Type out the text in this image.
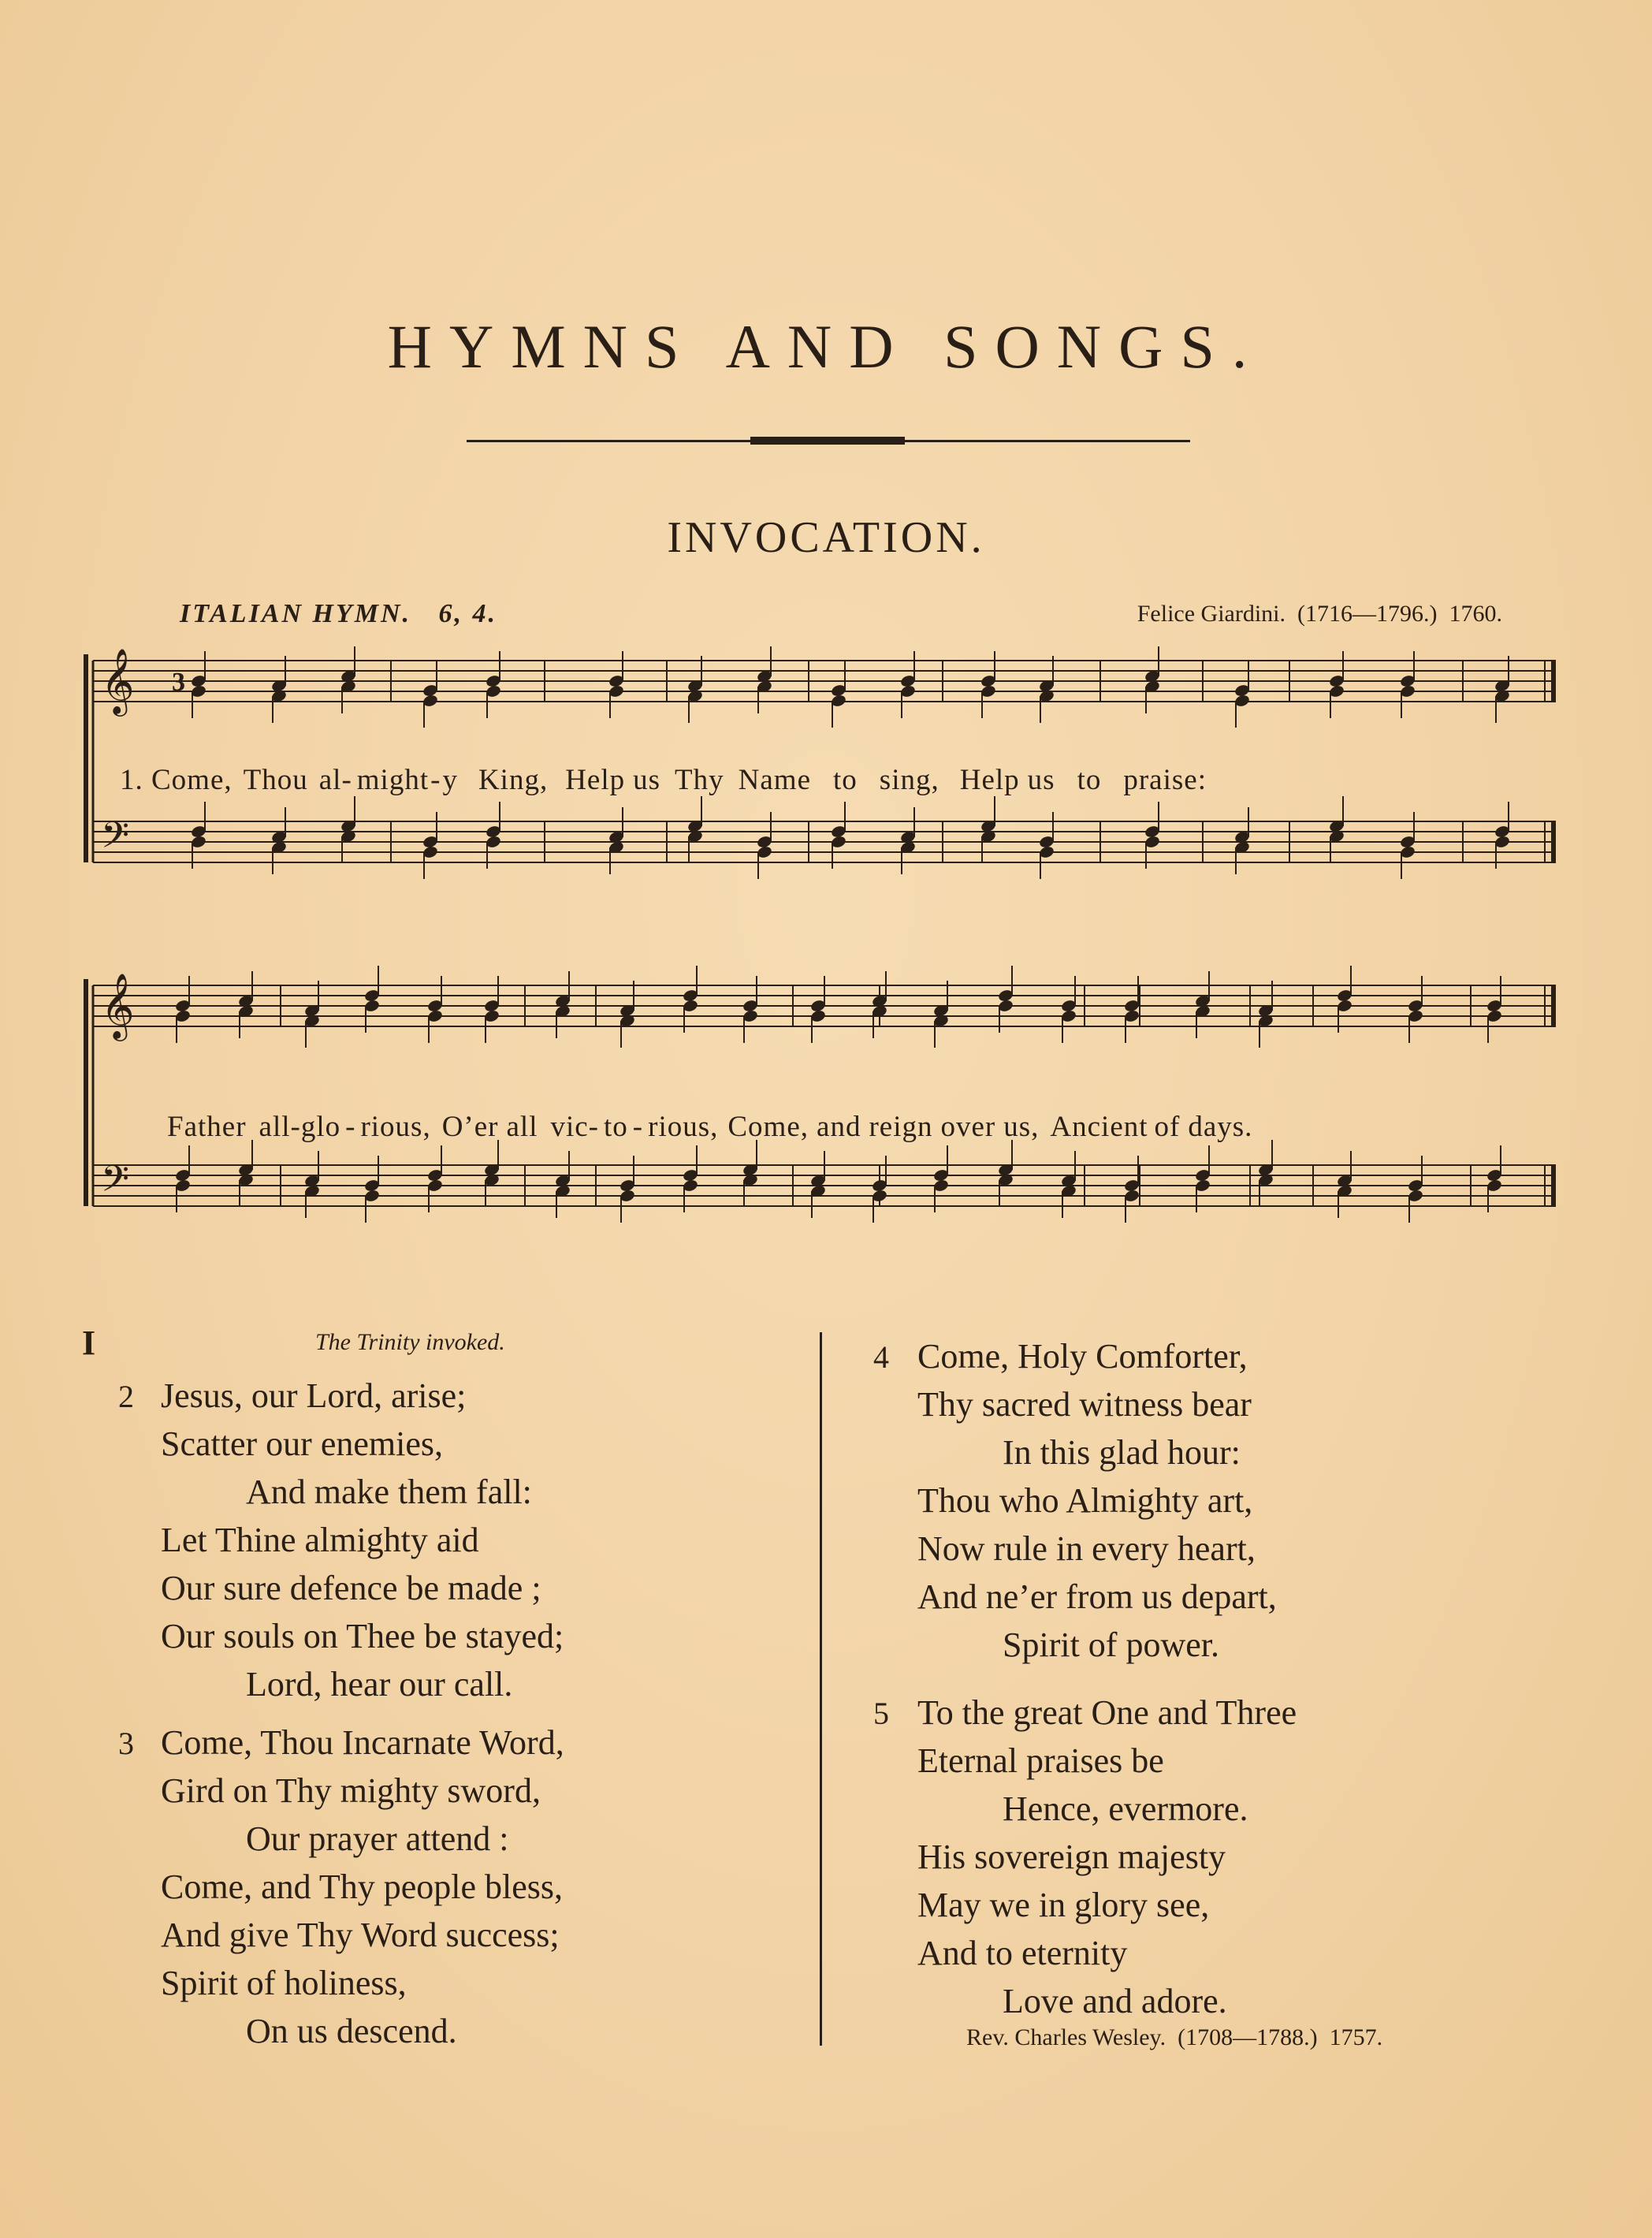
HYMNS AND SONGS.
INVOCATION.
ITALIAN HYMN. 6, 4.	Felice Giardini. (1716—1796.) 1760.
𝄞
𝄢
3
1. Come, Thou al- might-y King, Help us Thy Name to sing, Help us to praise:
𝄞
𝄢
Father all-glo - rious, O’er all vic- to - rious, Come, and reign over us, Ancient of days.
I	The Trinity invoked.
2 Jesus, our Lord, arise;
Scatter our enemies,
And make them fall:
Let Thine almighty aid
Our sure defence be made ;
Our souls on Thee be stayed;
Lord, hear our call.
3 Come, Thou Incarnate Word,
Gird on Thy mighty sword,
Our prayer attend :
Come, and Thy people bless,
And give Thy Word success;
Spirit of holiness,
On us descend.
4 Come, Holy Comforter,
Thy sacred witness bear
In this glad hour:
Thou who Almighty art,
Now rule in every heart,
And ne’er from us depart,
Spirit of power.
5 To the great One and Three
Eternal praises be
Hence, evermore.
His sovereign majesty
May we in glory see,
And to eternity
Love and adore.
Rev. Charles Wesley. (1708—1788.) 1757.
